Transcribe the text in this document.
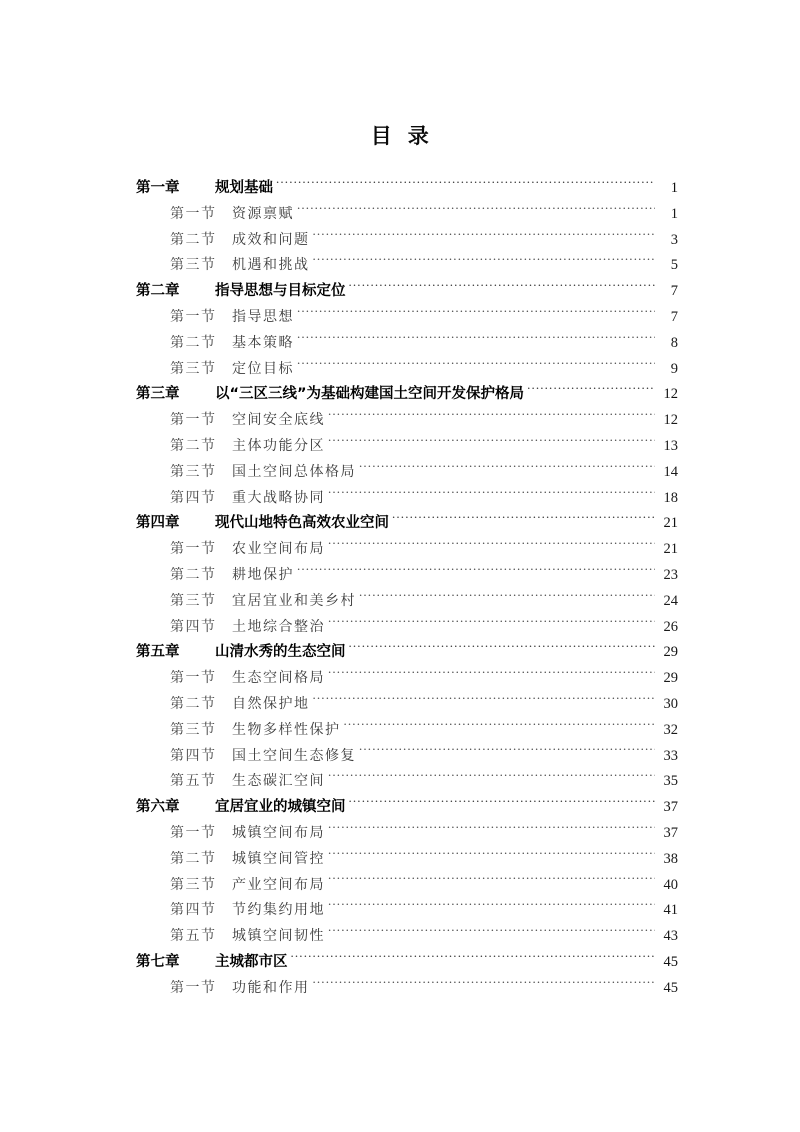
目  录
第一章	规划基础 .....	1
第一节	资源禀赋 .....	1
第二节	成效和问题 .....	3
第三节	机遇和挑战 .....	5
第二章	指导思想与目标定位 .....	7
第一节	指导思想 .....	7
第二节	基本策略 .....	8
第三节	定位目标 .....	9
第三章	以“三区三线”为基础构建国土空间开发保护格局 .....	12
第一节	空间安全底线 .....	12
第二节	主体功能分区 .....	13
第三节	国土空间总体格局 .....	14
第四节	重大战略协同 .....	18
第四章	现代山地特色高效农业空间 .....	21
第一节	农业空间布局 .....	21
第二节	耕地保护 .....	23
第三节	宜居宜业和美乡村 .....	24
第四节	土地综合整治 .....	26
第五章	山清水秀的生态空间 .....	29
第一节	生态空间格局 .....	29
第二节	自然保护地 .....	30
第三节	生物多样性保护 .....	32
第四节	国土空间生态修复 .....	33
第五节	生态碳汇空间 .....	35
第六章	宜居宜业的城镇空间 .....	37
第一节	城镇空间布局 .....	37
第二节	城镇空间管控 .....	38
第三节	产业空间布局 .....	40
第四节	节约集约用地 .....	41
第五节	城镇空间韧性 .....	43
第七章	主城都市区 .....	45
第一节	功能和作用 .....	45
